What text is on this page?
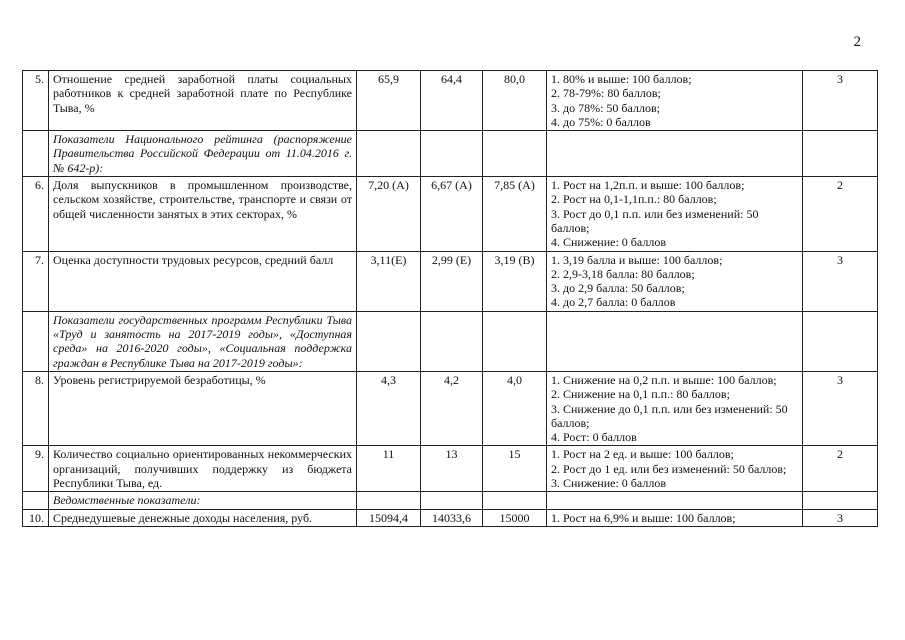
2
5.	Отношение средней заработной платы социальных работников к средней заработной плате по Республике Тыва, %	65,9	64,4	80,0	1. 80% и выше: 100 баллов;
2. 78-79%: 80 баллов;
3. до 78%: 50 баллов;
4. до 75%: 0 баллов	3
	Показатели Национального рейтинга (распоряжение Правительства Российской Федерации от 11.04.2016 г. № 642-р):					
6.	Доля выпускников в промышленном производстве, сельском хозяйстве, строительстве, транспорте и связи от общей численности занятых в этих секторах, %	7,20 (А)	6,67 (А)	7,85 (А)	1. Рост на 1,2п.п. и выше: 100 баллов;
2. Рост на 0,1-1,1п.п.: 80 баллов;
3. Рост до 0,1 п.п. или без изменений: 50 баллов;
4. Снижение: 0 баллов	2
7.	Оценка доступности трудовых ресурсов, средний балл	3,11(Е)	2,99 (Е)	3,19 (В)	1. 3,19 балла и выше: 100 баллов;
2. 2,9-3,18 балла: 80 баллов;
3. до 2,9 балла: 50 баллов;
4. до 2,7 балла: 0 баллов	3
	Показатели государственных программ Республики Тыва «Труд и занятость на 2017-2019 годы», «Доступная среда» на 2016-2020 годы», «Социальная поддержка граждан в Республике Тыва на 2017-2019 годы»:					
8.	Уровень регистрируемой безработицы, %	4,3	4,2	4,0	1. Снижение на 0,2 п.п. и выше: 100 баллов;
2. Снижение на 0,1 п.п.: 80 баллов;
3. Снижение до 0,1 п.п. или без изменений: 50 баллов;
4. Рост: 0 баллов	3
9.	Количество социально ориентированных некоммерческих организаций, получивших поддержку из бюджета Республики Тыва, ед.	11	13	15	1. Рост на 2 ед. и выше: 100 баллов;
2. Рост до 1 ед. или без изменений: 50 баллов;
3. Снижение: 0 баллов	2
	Ведомственные показатели:					
10.	Среднедушевые денежные доходы населения, руб.	15094,4	14033,6	15000	1. Рост на 6,9% и выше: 100 баллов;	3
